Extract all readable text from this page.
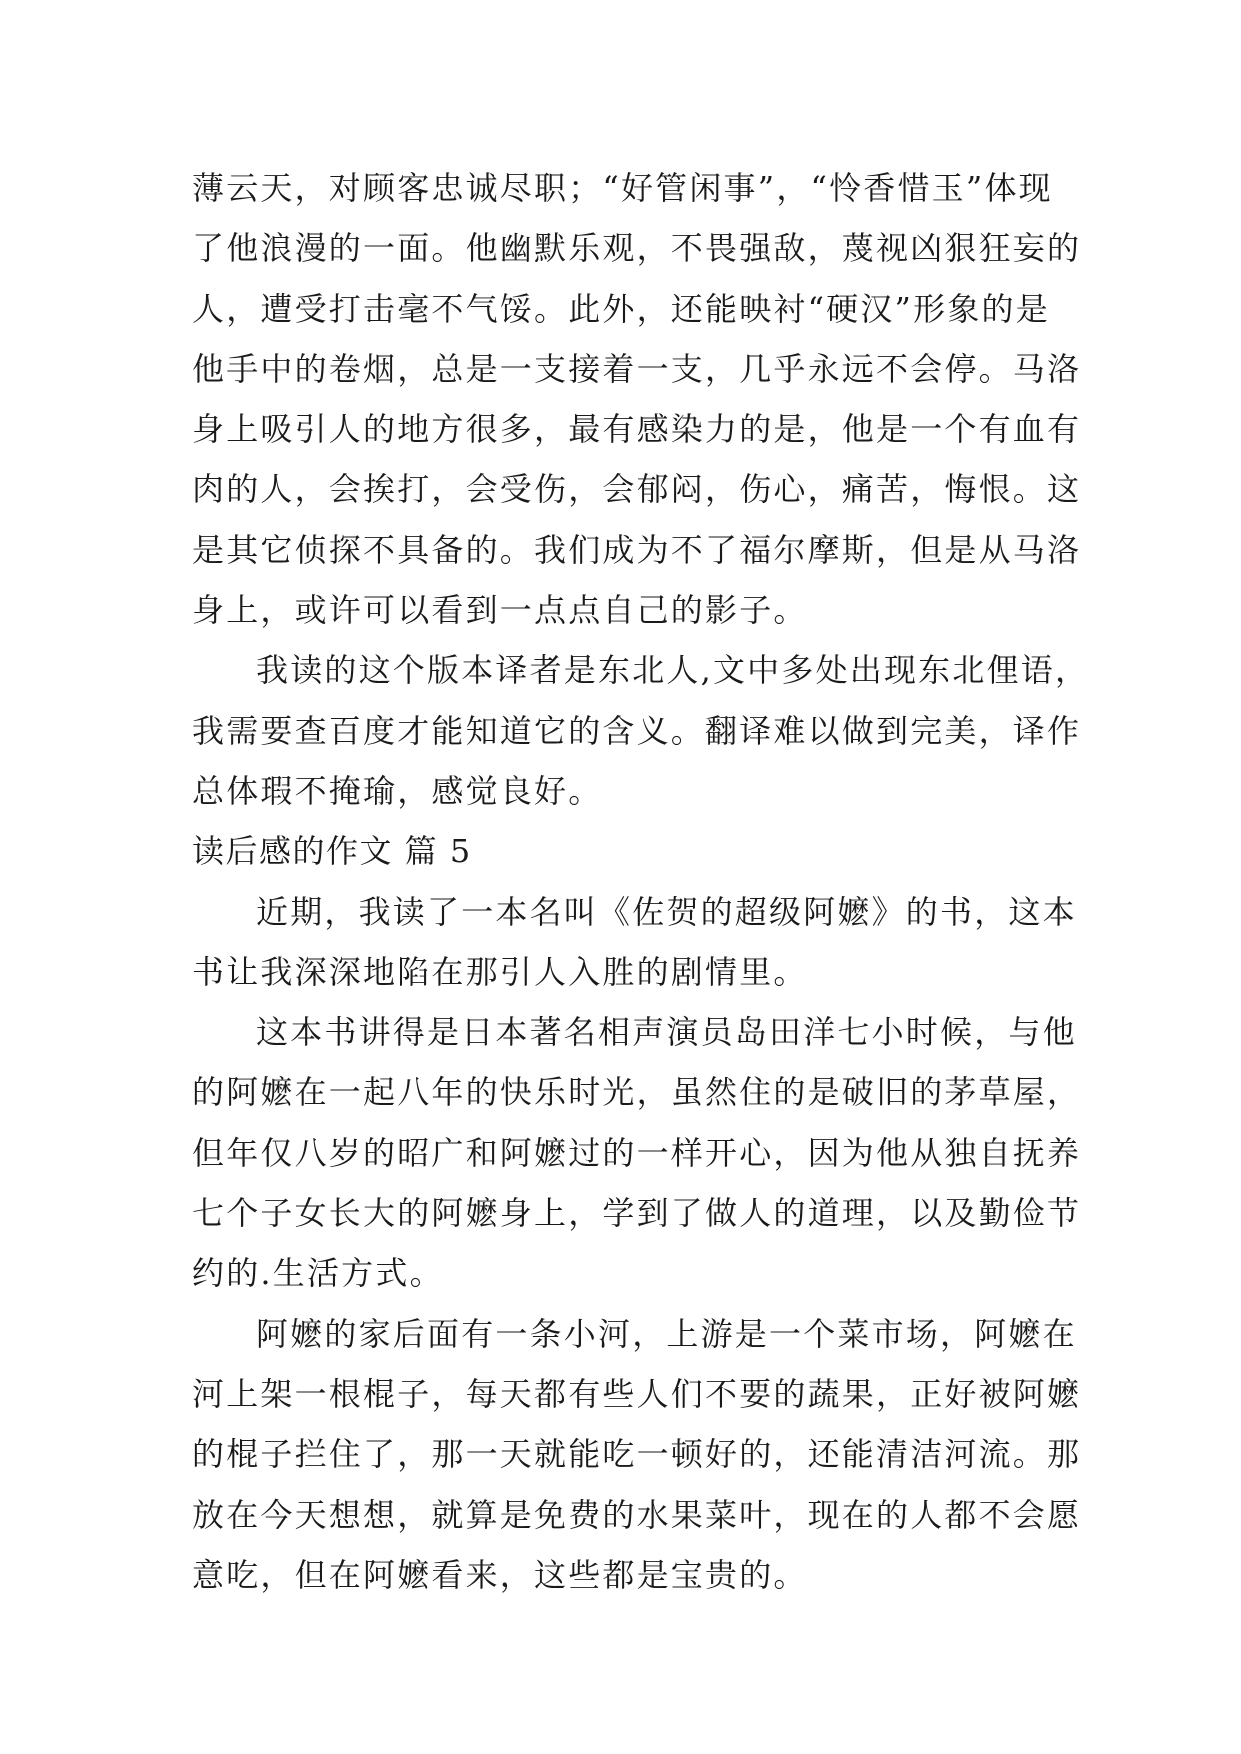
薄云天，对顾客忠诚尽职；“好管闲事”，“怜香惜玉”体现
了他浪漫的一面。他幽默乐观，不畏强敌，蔑视凶狠狂妄的
人，遭受打击毫不气馁。此外，还能映衬“硬汉”形象的是
他手中的卷烟，总是一支接着一支，几乎永远不会停。马洛
身上吸引人的地方很多，最有感染力的是，他是一个有血有
肉的人，会挨打，会受伤，会郁闷，伤心，痛苦，悔恨。这
是其它侦探不具备的。我们成为不了福尔摩斯，但是从马洛
身上，或许可以看到一点点自己的影子。
我读的这个版本译者是东北人,文中多处出现东北俚语，
我需要查百度才能知道它的含义。翻译难以做到完美，译作
总体瑕不掩瑜，感觉良好。
读后感的作文 篇 5
近期，我读了一本名叫《佐贺的超级阿嬷》的书，这本
书让我深深地陷在那引人入胜的剧情里。
这本书讲得是日本著名相声演员岛田洋七小时候，与他
的阿嬷在一起八年的快乐时光，虽然住的是破旧的茅草屋，
但年仅八岁的昭广和阿嬷过的一样开心，因为他从独自抚养
七个子女长大的阿嬷身上，学到了做人的道理，以及勤俭节
约的.生活方式。
阿嬷的家后面有一条小河，上游是一个菜市场，阿嬷在
河上架一根棍子，每天都有些人们不要的蔬果，正好被阿嬷
的棍子拦住了，那一天就能吃一顿好的，还能清洁河流。那
放在今天想想，就算是免费的水果菜叶，现在的人都不会愿
意吃，但在阿嬷看来，这些都是宝贵的。
